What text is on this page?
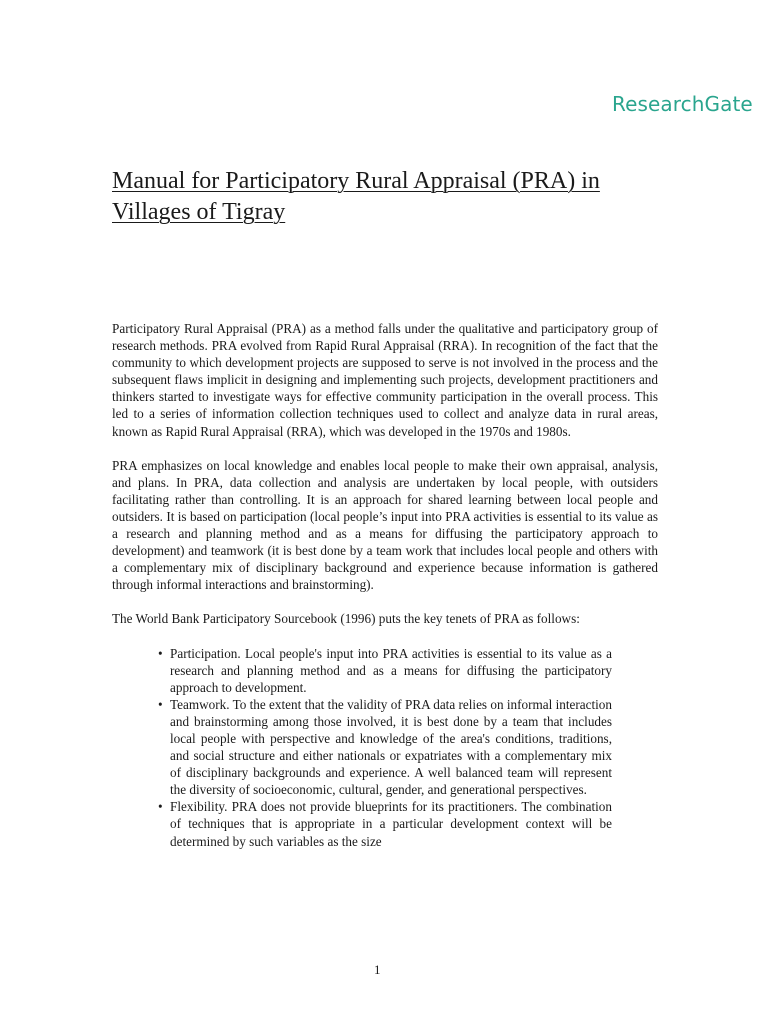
ResearchGate
Manual for Participatory Rural Appraisal (PRA) in
Villages of Tigray

Participatory Rural Appraisal (PRA) as a method falls under the qualitative and participatory group of research methods. PRA evolved from Rapid Rural Appraisal (RRA). In recognition of the fact that the community to which development projects are supposed to serve is not involved in the process and the subsequent flaws implicit in designing and implementing such projects, development practitioners and thinkers started to investigate ways for effective community participation in the overall process. This led to a series of information collection techniques used to collect and analyze data in rural areas, known as Rapid Rural Appraisal (RRA), which was developed in the 1970s and 1980s.

PRA emphasizes on local knowledge and enables local people to make their own appraisal, analysis, and plans. In PRA, data collection and analysis are undertaken by local people, with outsiders facilitating rather than controlling. It is an approach for shared learning between local people and outsiders. It is based on participation (local people’s input into PRA activities is essential to its value as a research and planning method and as a means for diffusing the participatory approach to development) and teamwork (it is best done by a team work that includes local people and others with a complementary mix of disciplinary background and experience because information is gathered through informal interactions and brainstorming).

The World Bank Participatory Sourcebook (1996) puts the key tenets of PRA as follows:

• Participation. Local people's input into PRA activities is essential to its value as a research and planning method and as a means for diffusing the participatory approach to development.
• Teamwork. To the extent that the validity of PRA data relies on informal interaction and brainstorming among those involved, it is best done by a team that includes local people with perspective and knowledge of the area's conditions, traditions, and social structure and either nationals or expatriates with a complementary mix of disciplinary backgrounds and experience. A well balanced team will represent the diversity of socioeconomic, cultural, gender, and generational perspectives.
• Flexibility. PRA does not provide blueprints for its practitioners. The combination of techniques that is appropriate in a particular development context will be determined by such variables as the size
1
